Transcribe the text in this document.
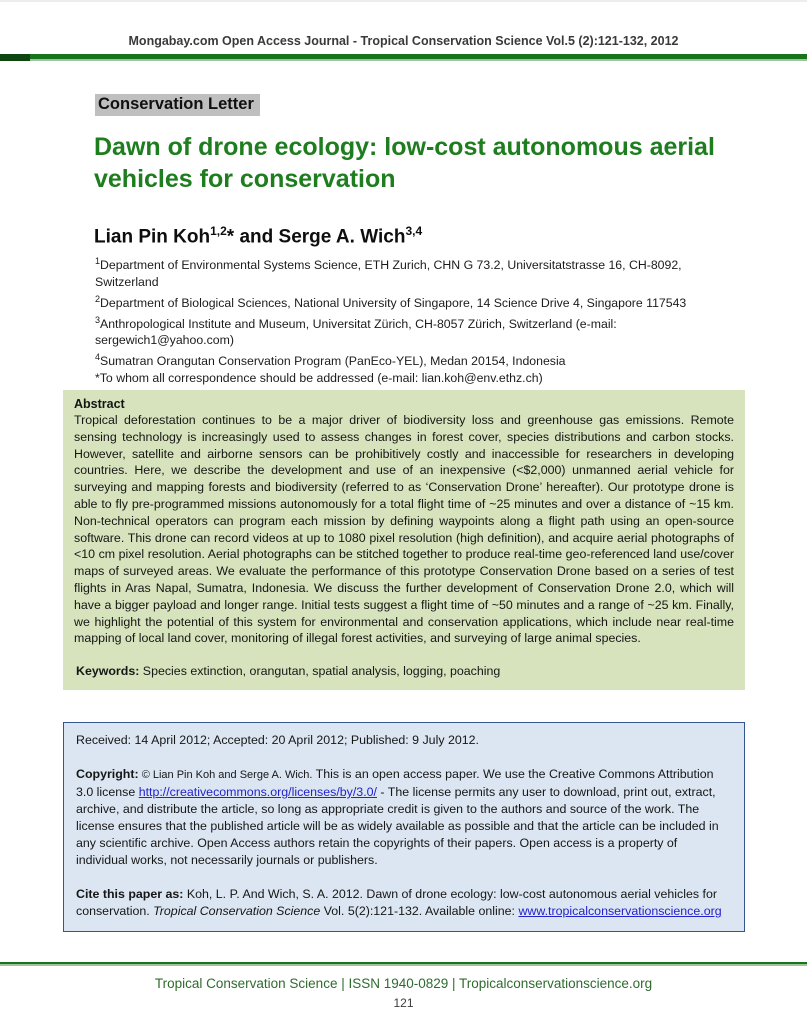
Mongabay.com Open Access Journal - Tropical Conservation Science Vol.5 (2):121-132, 2012
Conservation Letter
Dawn of drone ecology: low-cost autonomous aerial vehicles for conservation
Lian Pin Koh$^{1,2}$* and Serge A. Wich$^{3,4}$

$^1$Department of Environmental Systems Science, ETH Zurich, CHN G 73.2, Universitatstrasse 16, CH-8092, Switzerland

$^2$Department of Biological Sciences, National University of Singapore, 14 Science Drive 4, Singapore 117543

$^3$Anthropological Institute and Museum, Universitat Zürich, CH-8057 Zürich, Switzerland (e-mail: sergewich1@yahoo.com)

$^4$Sumatran Orangutan Conservation Program (PanEco-YEL), Medan 20154, Indonesia

*To whom all correspondence should be addressed (e-mail: lian.koh@env.ethz.ch)

Abstract

Tropical deforestation continues to be a major driver of biodiversity loss and greenhouse gas emissions. Remote sensing technology is increasingly used to assess changes in forest cover, species distributions and carbon stocks. However, satellite and airborne sensors can be prohibitively costly and inaccessible for researchers in developing countries. Here, we describe the development and use of an inexpensive (<$2,000) unmanned aerial vehicle for surveying and mapping forests and biodiversity (referred to as ‘Conservation Drone’ hereafter). Our prototype drone is able to fly pre-programmed missions autonomously for a total flight time of ~25 minutes and over a distance of ~15 km. Non-technical operators can program each mission by defining waypoints along a flight path using an open-source software. This drone can record videos at up to 1080 pixel resolution (high definition), and acquire aerial photographs of <10 cm pixel resolution. Aerial photographs can be stitched together to produce real-time geo-referenced land use/cover maps of surveyed areas. We evaluate the performance of this prototype Conservation Drone based on a series of test flights in Aras Napal, Sumatra, Indonesia. We discuss the further development of Conservation Drone 2.0, which will have a bigger payload and longer range. Initial tests suggest a flight time of ~50 minutes and a range of ~25 km. Finally, we highlight the potential of this system for environmental and conservation applications, which include near real-time mapping of local land cover, monitoring of illegal forest activities, and surveying of large animal species.

Keywords: Species extinction, orangutan, spatial analysis, logging, poaching

Received: 14 April 2012; Accepted: 20 April 2012; Published: 9 July 2012.

Copyright: © Lian Pin Koh and Serge A. Wich. This is an open access paper. We use the Creative Commons Attribution 3.0 license http://creativecommons.org/licenses/by/3.0/ - The license permits any user to download, print out, extract, archive, and distribute the article, so long as appropriate credit is given to the authors and source of the work. The license ensures that the published article will be as widely available as possible and that the article can be included in any scientific archive. Open Access authors retain the copyrights of their papers. Open access is a property of individual works, not necessarily journals or publishers.

Cite this paper as: Koh, L. P. And Wich, S. A. 2012. Dawn of drone ecology: low-cost autonomous aerial vehicles for conservation. Tropical Conservation Science Vol. 5(2):121-132. Available online: www.tropicalconservationscience.org

Tropical Conservation Science | ISSN 1940-0829 | Tropicalconservationscience.org
121
